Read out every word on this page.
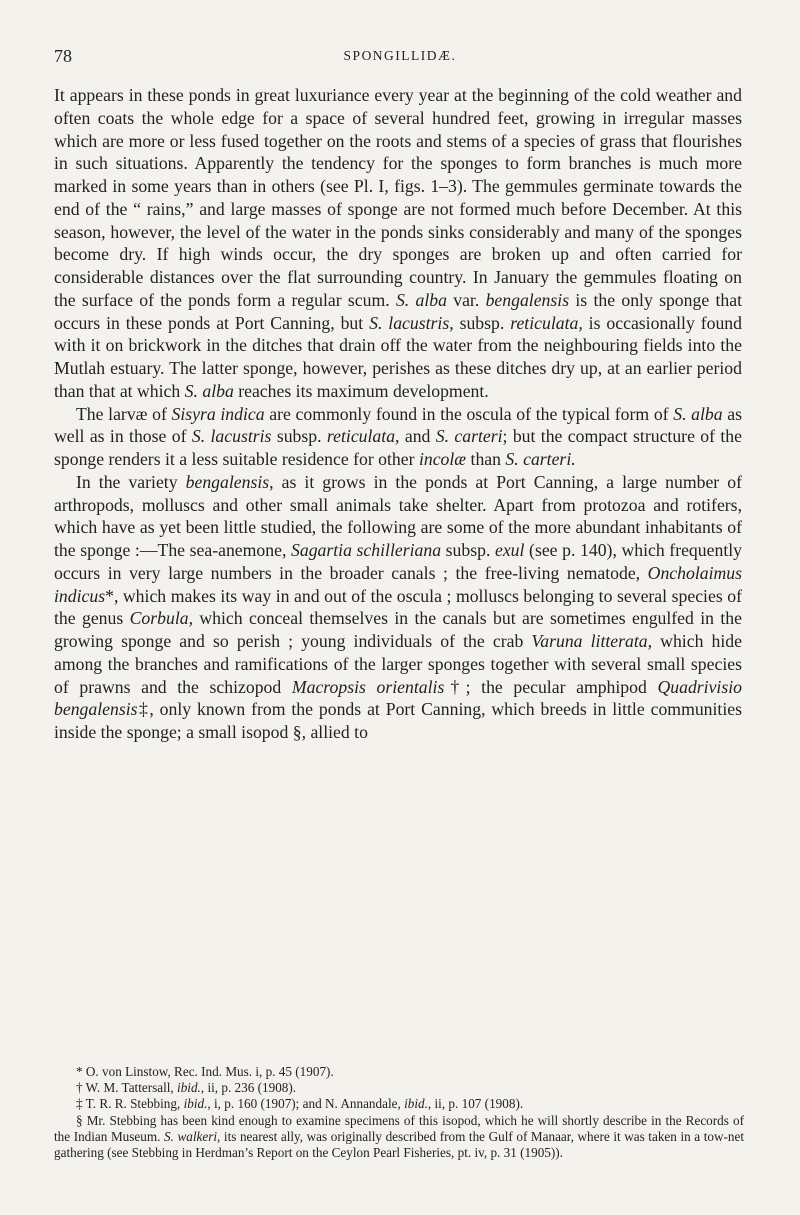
78	SPONGILLIDÆ.

It appears in these ponds in great luxuriance every year at the beginning of the cold weather and often coats the whole edge for a space of several hundred feet, growing in irregular masses which are more or less fused together on the roots and stems of a species of grass that flourishes in such situations. Apparently the tendency for the sponges to form branches is much more marked in some years than in others (see Pl. I, figs. 1–3). The gemmules germinate towards the end of the “ rains,” and large masses of sponge are not formed much before December. At this season, however, the level of the water in the ponds sinks considerably and many of the sponges become dry. If high winds occur, the dry sponges are broken up and often carried for considerable distances over the flat surrounding country. In January the gemmules floating on the surface of the ponds form a regular scum. S. alba var. bengalensis is the only sponge that occurs in these ponds at Port Canning, but S. lacustris, subsp. reticulata, is occasionally found with it on brickwork in the ditches that drain off the water from the neighbouring fields into the Mutlah estuary. The latter sponge, however, perishes as these ditches dry up, at an earlier period than that at which S. alba reaches its maximum development.

The larvæ of Sisyra indica are commonly found in the oscula of the typical form of S. alba as well as in those of S. lacustris subsp. reticulata, and S. carteri; but the compact structure of the sponge renders it a less suitable residence for other incolæ than S. carteri.

In the variety bengalensis, as it grows in the ponds at Port Canning, a large number of arthropods, molluscs and other small animals take shelter. Apart from protozoa and rotifers, which have as yet been little studied, the following are some of the more abundant inhabitants of the sponge :—The sea-anemone, Sagartia schilleriana subsp. exul (see p. 140), which frequently occurs in very large numbers in the broader canals ; the free-living nematode, Oncholaimus indicus*, which makes its way in and out of the oscula ; molluscs belonging to several species of the genus Corbula, which conceal themselves in the canals but are sometimes engulfed in the growing sponge and so perish ; young individuals of the crab Varuna litterata, which hide among the branches and ramifications of the larger sponges together with several small species of prawns and the schizopod Macropsis orientalis†; the pecular amphipod Quadrivisio bengalensis‡, only known from the ponds at Port Canning, which breeds in little communities inside the sponge; a small isopod §, allied to

* O. von Linstow, Rec. Ind. Mus. i, p. 45 (1907).

† W. M. Tattersall, ibid., ii, p. 236 (1908).

‡ T. R. R. Stebbing, ibid., i, p. 160 (1907); and N. Annandale, ibid., ii, p. 107 (1908).

§ Mr. Stebbing has been kind enough to examine specimens of this isopod, which he will shortly describe in the Records of the Indian Museum. S. walkeri, its nearest ally, was originally described from the Gulf of Manaar, where it was taken in a tow-net gathering (see Stebbing in Herdman’s Report on the Ceylon Pearl Fisheries, pt. iv, p. 31 (1905)).
